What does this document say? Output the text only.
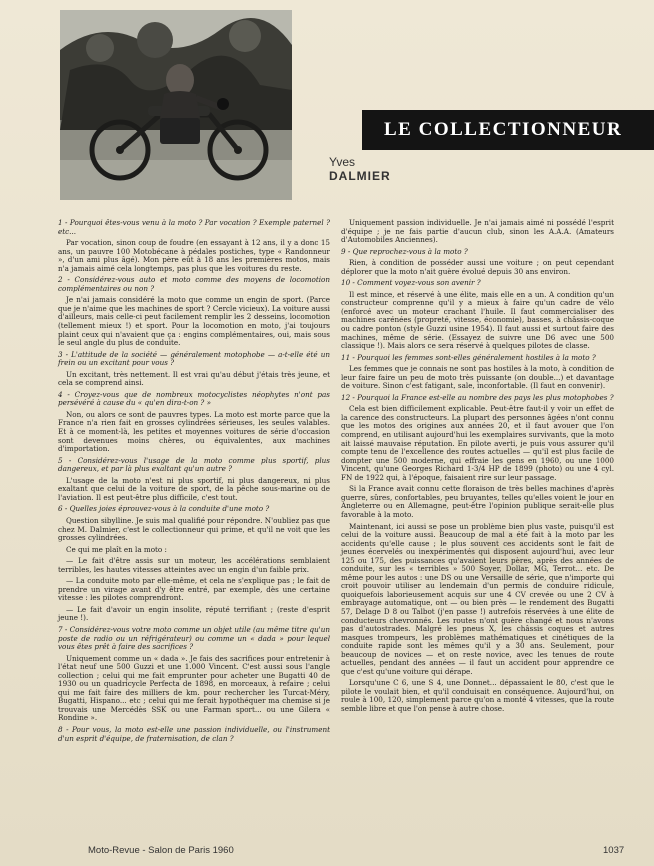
LE COLLECTIONNEUR
Yves
DALMIER

1 - Pourquoi êtes-vous venu à la moto ? Par vocation ? Exemple paternel ? etc...

Par vocation, sinon coup de foudre (en essayant à 12 ans, il y a donc 15 ans, un pauvre 100 Motobécane à pédales postiches, type « Randonneur », d'un ami plus âgé). Mon père eût à 18 ans les premières motos, mais n'a jamais aimé cela longtemps, pas plus que les voitures du reste.

2 - Considérez-vous auto et moto comme des moyens de locomotion complémentaires ou non ?

Je n'ai jamais considéré la moto que comme un engin de sport. (Parce que je n'aime que les machines de sport ? Cercle vicieux). La voiture aussi d'ailleurs, mais celle-ci peut facilement remplir les 2 desseins, locomotion (tellement mieux !) et sport. Pour la locomotion en moto, j'ai toujours plaint ceux qui n'avaient que ça : engins complémentaires, oui, mais sous le seul angle du plus de conduite.

3 - L'attitude de la société — généralement motophobe — a-t-elle été un frein ou un excitant pour vous ?

Un excitant, très nettement. Il est vrai qu'au début j'étais très jeune, et cela se comprend ainsi.

4 - Croyez-vous que de nombreux motocyclistes néophytes n'ont pas persévéré à cause du « qu'en dira-t-on ? »

Non, ou alors ce sont de pauvres types. La moto est morte parce que la France n'a rien fait en grosses cylindrées sérieuses, les seules valables. Et à ce moment-là, les petites et moyennes voitures de série d'occasion sont devenues moins chères, ou équivalentes, aux machines d'importation.

5 - Considérez-vous l'usage de la moto comme plus sportif, plus dangereux, et par là plus exaltant qu'un autre ?

L'usage de la moto n'est ni plus sportif, ni plus dangereux, ni plus exaltant que celui de la voiture de sport, de la pêche sous-marine ou de l'aviation. Il est peut-être plus difficile, c'est tout.

6 - Quelles joies éprouvez-vous à la conduite d'une moto ?

Question sibylline. Je suis mal qualifié pour répondre. N'oubliez pas que chez M. Dalmier, c'est le collectionneur qui prime, et qu'il ne voit que les grosses cylindrées.

Ce qui me plaît en la moto :

— Le fait d'être assis sur un moteur, les accélérations semblaient terribles, les hautes vitesses atteintes avec un engin d'un faible prix.

— La conduite moto par elle-même, et cela ne s'explique pas ; le fait de prendre un virage avant d'y être entré, par exemple, dès une certaine vitesse : les pilotes comprendront.

— Le fait d'avoir un engin insolite, réputé terrifiant ; (reste d'esprit jeune !).

7 - Considérez-vous votre moto comme un objet utile (au même titre qu'un poste de radio ou un réfrigérateur) ou comme un « dada » pour lequel vous êtes prêt à faire des sacrifices ?

Uniquement comme un « dada ». Je fais des sacrifices pour entretenir à l'état neuf une 500 Guzzi et une 1.000 Vincent. C'est aussi sous l'angle collection ; celui qui me fait emprunter pour acheter une Bugatti 40 de 1930 ou un quadricycle Perfecta de 1898, en morceaux, à refaire ; celui qui me fait faire des milliers de km. pour rechercher les Turcat-Méry, Bugatti, Hispano... etc ; celui qui me ferait hypothéquer ma chemise si je trouvais une Mercédès SSK ou une Farman sport... ou une Gilera « Rondine ».

8 - Pour vous, la moto est-elle une passion individuelle, ou l'instrument d'un esprit d'équipe, de fraternisation, de clan ?

Uniquement passion individuelle. Je n'ai jamais aimé ni possédé l'esprit d'équipe ; je ne fais partie d'aucun club, sinon les A.A.A. (Amateurs d'Automobiles Anciennes).

9 - Que reprochez-vous à la moto ?

Rien, à condition de posséder aussi une voiture ; on peut cependant déplorer que la moto n'ait guère évolué depuis 30 ans environ.

10 - Comment voyez-vous son avenir ?

Il est mince, et réservé à une élite, mais elle en a un. A condition qu'un constructeur comprenne qu'il y a mieux à faire qu'un cadre de vélo (enforcé avec un moteur crachant l'huile. Il faut commercialiser des machines carénées (propreté, vitesse, économie), basses, à châssis-coque ou cadre ponton (style Guzzi usine 1954). Il faut aussi et surtout faire des machines, même de série. (Essayez de suivre une D6 avec une 500 classique !). Mais alors ce sera réservé à quelques pilotes de classe.

11 - Pourquoi les femmes sont-elles généralement hostiles à la moto ?

Les femmes que je connais ne sont pas hostiles à la moto, à condition de leur faire faire un peu de moto très puissante (on double...) et davantage de voiture. Sinon c'est fatigant, sale, inconfortable. (Il faut en convenir).

12 - Pourquoi la France est-elle au nombre des pays les plus motophobes ?

Cela est bien difficilement explicable. Peut-être faut-il y voir un effet de la carence des constructeurs. La plupart des personnes âgées n'ont connu que les motos des origines aux années 20, et il faut avouer que l'on comprend, en utilisant aujourd'hui les exemplaires survivants, que la moto ait laissé mauvaise réputation. En pilote averti, je puis vous assurer qu'il compte tenu de l'excellence des routes actuelles — qu'il est plus facile de dompter une 500 moderne, qui effraie les gens en 1960, ou une 1000 Vincent, qu'une Georges Richard 1-3/4 HP de 1899 (photo) ou une 4 cyl. FN de 1922 qui, à l'époque, faisaient rire sur leur passage.

Si la France avait connu cette floraison de très belles machines d'après guerre, sûres, confortables, peu bruyantes, telles qu'elles voient le jour en Angleterre ou en Allemagne, peut-être l'opinion publique serait-elle plus favorable à la moto.

Maintenant, ici aussi se pose un problème bien plus vaste, puisqu'il est celui de la voiture aussi. Beaucoup de mal a été fait à la moto par les accidents qu'elle cause ; le plus souvent ces accidents sont le fait de jeunes écervelés ou inexpérimentés qui disposent aujourd'hui, avec leur 125 ou 175, des puissances qu'avaient leurs pères, après des années de conduite, sur les « terribles » 500 Soyer, Dollar, MG, Terrot... etc. De même pour les autos : une DS ou une Versaille de série, que n'importe qui croit pouvoir utiliser au lendemain d'un permis de conduire ridicule, quoiquefois laborieusement acquis sur une 4 CV crevée ou une 2 CV à embrayage automatique, ont — ou bien près — le rendement des Bugatti 57, Delage D 8 ou Talbot (j'en passe !) autrefois réservées à une élite de conducteurs chevronnés. Les routes n'ont guère changé et nous n'avons pas d'autostrades. Malgré les pneus X, les châssis coques et autres masques trompeurs, les problèmes mathématiques et cinétiques de la conduite rapide sont les mêmes qu'il y a 30 ans. Seulement, pour beaucoup de novices — et on reste novice, avec les tenues de route actuelles, pendant des années — il faut un accident pour apprendre ce que c'est qu'une voiture qui dérape.

Lorsqu'une C 6, une S 4, une Donnet... dépassaient le 80, c'est que le pilote le voulait bien, et qu'il conduisait en conséquence. Aujourd'hui, on roule à 100, 120, simplement parce qu'on a monté 4 vitesses, que la route semble libre et que l'on pense à autre chose.

Moto-Revue - Salon de Paris 1960	1037
